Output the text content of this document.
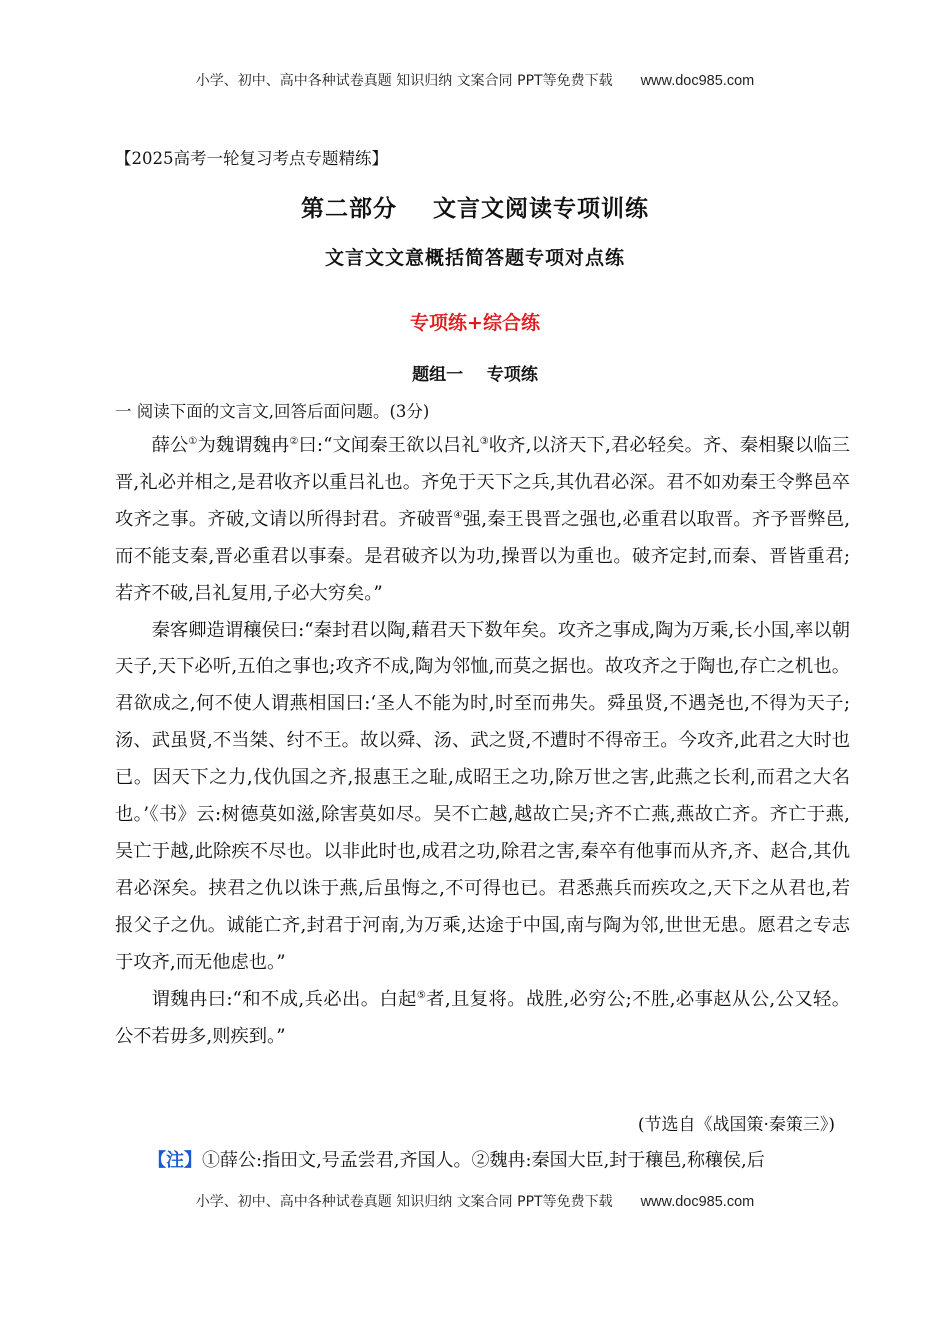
小学、初中、高中各种试卷真题 知识归纳 文案合同 PPT等免费下载 www.doc985.com
【2025高考一轮复习考点专题精练】
第二部分    文言文阅读专项训练
文言文文意概括简答题专项对点练
专项练+综合练
题组一    专项练
一 阅读下面的文言文,回答后面问题。(3分)

薛公①为魏谓魏冉②曰:“文闻秦王欲以吕礼③收齐,以济天下,君必轻矣。齐、秦相聚以临三晋,礼必并相之,是君收齐以重吕礼也。齐免于天下之兵,其仇君必深。君不如劝秦王令弊邑卒攻齐之事。齐破,文请以所得封君。齐破晋④强,秦王畏晋之强也,必重君以取晋。齐予晋弊邑,而不能支秦,晋必重君以事秦。是君破齐以为功,操晋以为重也。破齐定封,而秦、晋皆重君;若齐不破,吕礼复用,子必大穷矣。”

秦客卿造谓穰侯曰:“秦封君以陶,藉君天下数年矣。攻齐之事成,陶为万乘,长小国,率以朝天子,天下必听,五伯之事也;攻齐不成,陶为邻恤,而莫之据也。故攻齐之于陶也,存亡之机也。君欲成之,何不使人谓燕相国曰:‘圣人不能为时,时至而弗失。舜虽贤,不遇尧也,不得为天子;汤、武虽贤,不当桀、纣不王。故以舜、汤、武之贤,不遭时不得帝王。今攻齐,此君之大时也已。因天下之力,伐仇国之齐,报惠王之耻,成昭王之功,除万世之害,此燕之长利,而君之大名也。’《书》云:树德莫如滋,除害莫如尽。吴不亡越,越故亡吴;齐不亡燕,燕故亡齐。齐亡于燕,吴亡于越,此除疾不尽也。以非此时也,成君之功,除君之害,秦卒有他事而从齐,齐、赵合,其仇君必深矣。挟君之仇以诛于燕,后虽悔之,不可得也已。君悉燕兵而疾攻之,天下之从君也,若报父子之仇。诚能亡齐,封君于河南,为万乘,达途于中国,南与陶为邻,世世无患。愿君之专志于攻齐,而无他虑也。”

谓魏冉曰:“和不成,兵必出。白起⑤者,且复将。战胜,必穷公;不胜,必事赵从公,公又轻。公不若毋多,则疾到。”

(节选自《战国策·秦策三》)
【注】①薛公:指田文,号孟尝君,齐国人。②魏冉:秦国大臣,封于穰邑,称穰侯,后
小学、初中、高中各种试卷真题 知识归纳 文案合同 PPT等免费下载 www.doc985.com
